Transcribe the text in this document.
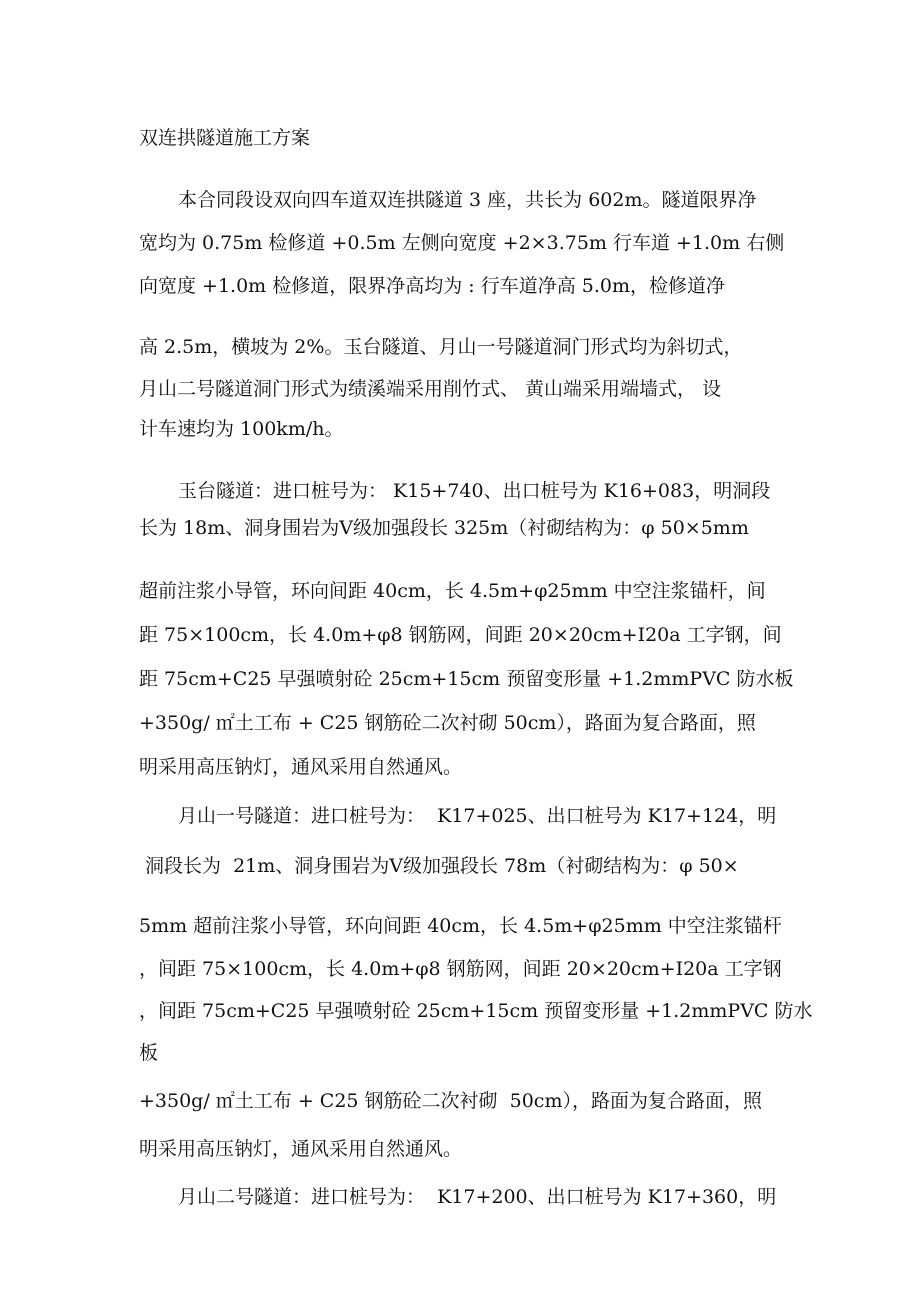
双连拱隧道施工方案
本合同段设双向四车道双连拱隧道 3 座，共长为 602m。隧道限界净
宽均为 0.75m 检修道 +0.5m 左侧向宽度 +2×3.75m 行车道 +1.0m 右侧
向宽度 +1.0m 检修道，限界净高均为 : 行车道净高 5.0m，检修道净
高 2.5m，横坡为 2%。玉台隧道、月山一号隧道洞门形式均为斜切式，
月山二号隧道洞门形式为绩溪端采用削竹式、 黄山端采用端墙式， 设
计车速均为 100km/h。
玉台隧道：进口桩号为： K15+740、出口桩号为 K16+083，明洞段
长为 18m、洞身围岩为Ⅴ级加强段长 325m（衬砌结构为：φ 50×5mm
超前注浆小导管，环向间距 40cm，长 4.5m+φ25mm 中空注浆锚杆，间
距 75×100cm，长 4.0m+φ8 钢筋网，间距 20×20cm+I20a 工字钢，间
距 75cm+C25 早强喷射砼 25cm+15cm 预留变形量 +1.2mmPVC 防水板
+350g/ ㎡土工布 + C25 钢筋砼二次衬砌 50cm），路面为复合路面，照
明采用高压钠灯，通风采用自然通风。
月山一号隧道：进口桩号为：  K17+025、出口桩号为 K17+124，明
洞段长为  21m、洞身围岩为Ⅴ级加强段长 78m（衬砌结构为：φ 50×
5mm 超前注浆小导管，环向间距 40cm，长 4.5m+φ25mm 中空注浆锚杆
，间距 75×100cm，长 4.0m+φ8 钢筋网，间距 20×20cm+I20a 工字钢
，间距 75cm+C25 早强喷射砼 25cm+15cm 预留变形量 +1.2mmPVC 防水
板
+350g/ ㎡土工布 + C25 钢筋砼二次衬砌  50cm），路面为复合路面，照
明采用高压钠灯，通风采用自然通风。
月山二号隧道：进口桩号为：  K17+200、出口桩号为 K17+360，明
